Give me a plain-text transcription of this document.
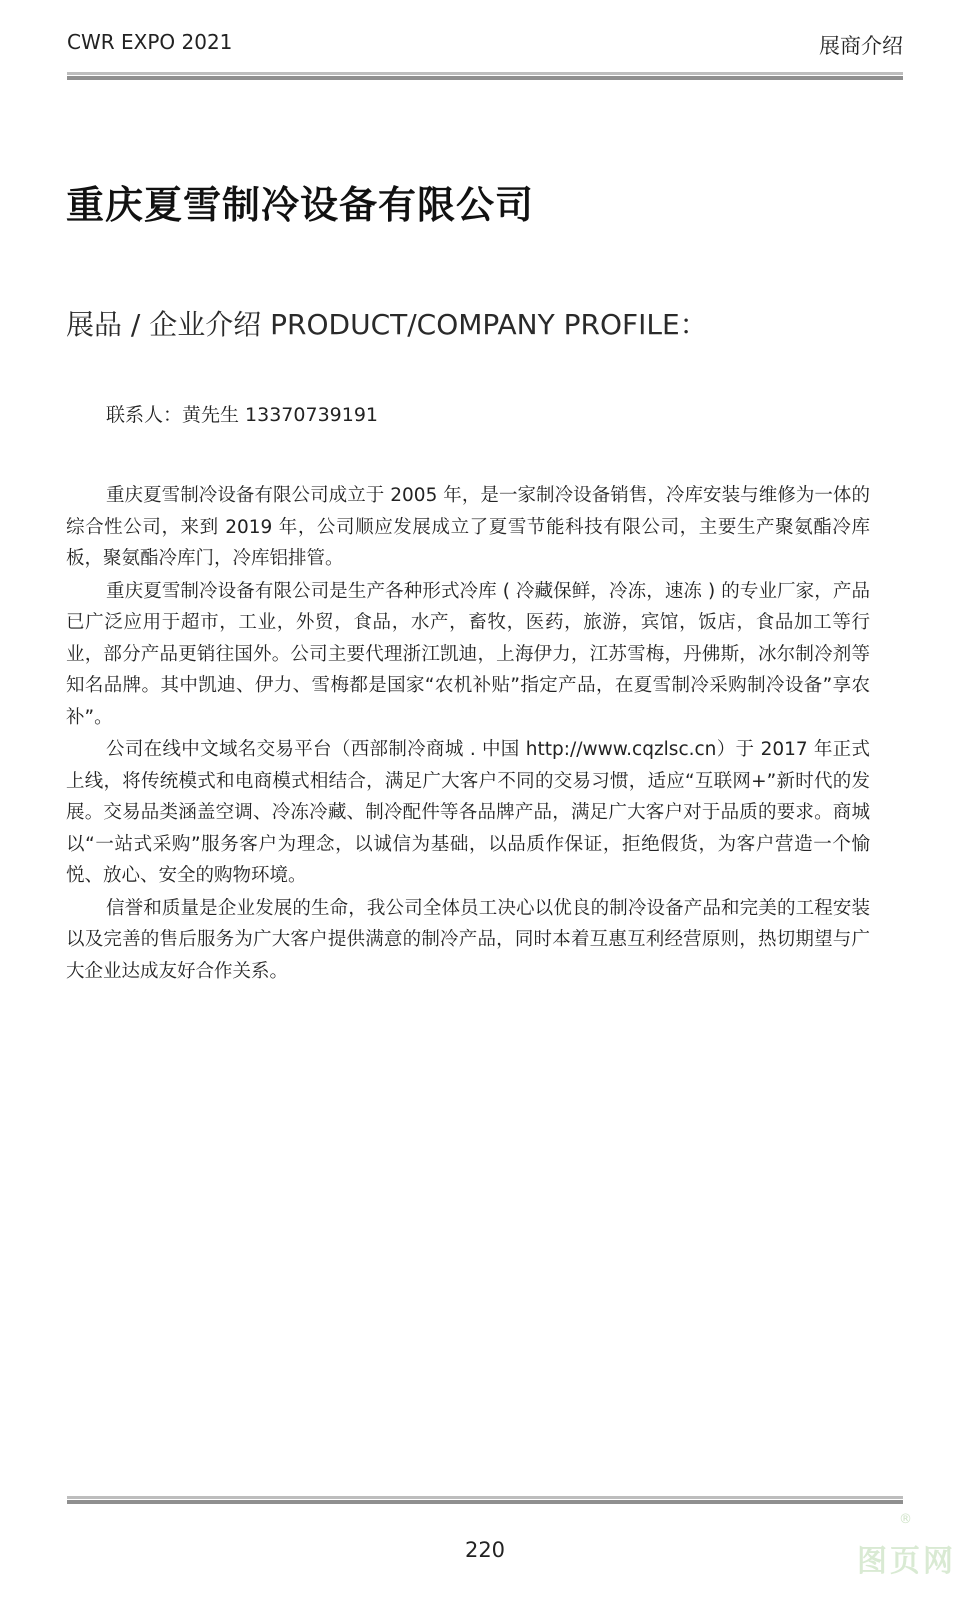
CWR EXPO 2021	展商介绍
重庆夏雪制冷设备有限公司
展品 / 企业介绍 PRODUCT/COMPANY PROFILE：
联系人：黄先生 13370739191

重庆夏雪制冷设备有限公司成立于 2005 年，是一家制冷设备销售，冷库安装与维修为一体的综合性公司，来到 2019 年，公司顺应发展成立了夏雪节能科技有限公司，主要生产聚氨酯冷库板，聚氨酯冷库门，冷库铝排管。

重庆夏雪制冷设备有限公司是生产各种形式冷库 ( 冷藏保鲜，冷冻，速冻 ) 的专业厂家，产品已广泛应用于超市，工业，外贸，食品，水产，畜牧，医药，旅游，宾馆，饭店，食品加工等行业，部分产品更销往国外。公司主要代理浙江凯迪，上海伊力，江苏雪梅，丹佛斯，冰尔制冷剂等知名品牌。其中凯迪、伊力、雪梅都是国家“农机补贴”指定产品，在夏雪制冷采购制冷设备”享农补”。

公司在线中文域名交易平台（西部制冷商城 . 中国 http://www.cqzlsc.cn）于 2017 年正式上线，将传统模式和电商模式相结合，满足广大客户不同的交易习惯，适应“互联网+”新时代的发展。交易品类涵盖空调、冷冻冷藏、制冷配件等各品牌产品，满足广大客户对于品质的要求。商城以“一站式采购”服务客户为理念，以诚信为基础，以品质作保证，拒绝假货，为客户营造一个愉悦、放心、安全的购物环境。

信誉和质量是企业发展的生命，我公司全体员工决心以优良的制冷设备产品和完美的工程安装以及完善的售后服务为广大客户提供满意的制冷产品，同时本着互惠互利经营原则，热切期望与广大企业达成友好合作关系。

220
®
图页网
